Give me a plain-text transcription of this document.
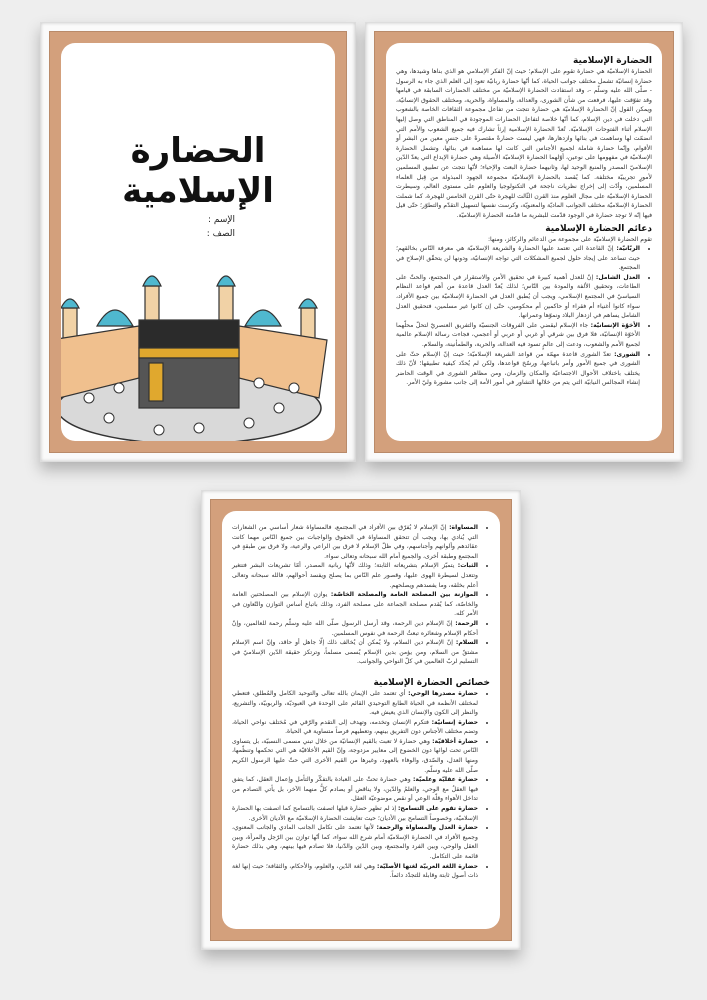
الحضارة الإسلامية
الإسم :
الصف :
الحضارة الإسلامية

الحضارة الإسلاميّة هي حضارة تقوم على الإسلام؛ حيث إنّ الفكر الإسلامي هو الذي بناها وشيدها، وهي حضارة إنسانيّة تشمل مختلف جوانب الحياة، كما أنّها حضارة ربانيّة تعود إلى العلم الذي جاء به الرسول - صلّى الله عليه وسلّم -، وقد استفادت الحضارة الإسلاميّة من مختلف الحضارات السابقة في قيامها وقد تفوّقت عليها، فرفعت من شأن الشورى، والعدالة، والمساواة، والحرية، ومختلف الحقوق الإنسانيّة، ويمكن القول إنّ الحضارة الإسلاميّة هي حضارة نتجت من تفاعل مجموعة الثقافات الخاصة بالشعوب التي دخلت في دين الإسلام، كما أنّها خلاصة لتفاعل الحضارات الموجودة في المناطق التي وصل إليها الإسلام أثناء الفتوحات الإسلاميّة. تُعدّ الحضارة الإسلامية إرثاً تشارك فيه جميع الشعوب والأمم التي انضمّت لها وساهمت في بنائها وازدهارها، فهي ليست حضارةً مقتصرةً على جنسٍ معين من البشر أو الأقوام، وإنّما حضارة شاملة لجميع الأجناس التي كانت لها مساهمة في بنائها، وتشمل الحضارة الإسلاميّة في مفهومها على نوعين، أوّلهما الحضارة الإسلاميّة الأصيلة وهي حضارة الإبداع التي يعدّ الدّين الإسلاميّ المصدر والمنبع الوحيد لها، وثانيهما حضارة البعث والإحياء؛ لأنّها نتجت عن تطبيق المسلمين لأمورٍ تجريبيّة مختلفة. كما يُقصد بالحضارة الإسلاميّة مجموعة الجهود المبذولة من قِبل العلماء المسلمين، وأدّت إلى إخراج نظريات ناجحة في التكنولوجيا والعلوم على مستوى العالم، وسيطرت الحضارة الإسلاميّة على مجال العلوم منذ القرن الثّالث للهجرة حتّى القرن الخامس للهجرة، كما شملت الحضارة الإسلاميّة مختلف الجوانب الماديّة والمعنويّة، وكرست نفسها لتسهيل التقدّم والتطوّر؛ حتّى قيل فيها إنّه لا توجد حضارة في الوجود قدّمت للبشرية ما قدّمته الحضارة الإسلاميّة.

دعائم الحضارة الإسلامية

تقوم الحضارة الإسلاميّة على مجموعة من الدعائم والركائز، ومنها:

• الربّانيّة: إنّ القاعدة التي تعتمد عليها الحضارة والشريعة الإسلاميّة هي معرفة النّاس بخالقهم؛ حيث تساعد على إيجاد حلول لجميع المشكلات التي تواجه الإنسانيّة، ودونها لن يتحقّق الإصلاح في المجتمع.
• العدل الشامل: إنّ للعدل أهمية كبيرة في تحقيق الأمن والاستقرار في المجتمع، والحثّ على الطاعات، وتحقيق الألفة والمودة بين النّاس؛ لذلك يُعدّ العدل قاعدة من أهم قواعد النظام السياسيّ في المجتمع الإسلامي، ويجب أن يُطبق العدل في الحضارة الإسلاميّة بين جميع الأفراد، سواء كانوا أغنياء أم فقراء أو حاكمين أم محكومين، حتّى إن كانوا غير مسلمين، فتحقيق العدل الشامل يساهم في ازدهار البلاد ونموّها وعمرانها.
• الأخوّة الإنسانيّة: جاء الإسلام ليقضي على الفروقات الجنسيّة والتفريق العنصريّ لتحلّ محلّهما الأخوّة الإنسانيّة، فلا فرق بين شرقي أو غربي أو عربي أو أعجمي، فجاءت رسالة الإسلام عالمية لجميع الأمم والشعوب، ودعت إلى عالمٍ تسود فيه العدالة، والحرية، والطمأنينة، والسلام.
• الشورى: تعدّ الشورى قاعدة مهمّة من قواعد الشريعة الإسلاميّة؛ حيث إنّ الإسلام حثّ على الشورى في جميع الأمور وأمر باتباعها، ورسّخ قواعدها، ولكن لم يُحدّد كيفية تطبيقها؛ لأنّ ذلك يختلف باختلاف الأحوال الاجتماعيّة والمكان والزمان، ومن مظاهر الشورى في الوقت الحاضر إنشاء المجالس النيابيّة التي يتم من خلالها التشاور في أمور الأمة إلى جانب مشورة وليّ الأمر.
• المساواة: إنّ الإسلام لا يُفرّق بين الأفراد في المجتمع، فالمساواة شعار أساسي من الشعارات التي يُنادي بها، ويجب أن تتحقق المساواة في الحقوق والواجبات بين جميع النّاس مهما كانت عقائدهم وألوانهم وأجناسهم، وفي ظلّ الإسلام لا فرق بين الراعي والرعية، ولا فرق بين طبقةٍ في المجتمع وطبقة أخرى، والجميع أمام الله سبحانه وتعالى سواء.
• الثبات: يتميّز الإسلام بتشريعاته الثابتة؛ وذلك لأنّها ربانية المصدر، أمّا تشريعات البشر فتتغير وتتعدل لسيطرة الهوى عليها، وقصور علم النّاس بما يصلح ويفسد أحوالهم، فالله سبحانه وتعالى أعلم بخلقه، وما يفسدهم ويصلحهم.
• الموازنة بين المصلحة العامة والمصلحة الخاصّة: يوازن الإسلام بين المصلحتين العامة والخاصّة، كما يُقدم مصلحة الجماعة على مصلحة الفرد، وذلك باتباع أساس التوازن والتّعاون في الأمر كله.
• الرحمة: إنّ الإسلام دين الرحمة، وقد أرسل الرسول صلّى الله عليه وسلّم رحمة للعالمين، وإنّ أحكام الإسلام وشعائره تبعثُ الرحمة في نفوس المسلمين.
• السلام: إنّ الإسلام دين السلام، ولا يُمكن أن يُخالف ذلك إلّا جاهل أو حاقد، وإنّ اسم الإسلام مشتقّ من السلام، ومن يؤمن بدين الإسلام يُسمى مسلماً، وترتكز حقيقة الدّين الإسلاميّ في التسليم لربّ العالمين في كلّ النواحي والجوانب.
خصائص الحضارة الإسلامية
• حضارة مصدرها الوحي: أي تعتمد على الإيمان بالله تعالى والتوحيد الكامل والمُطلق، فتعطي لمختلف الأنظمة في الحياة الطابع التوحيدي القائم على الوحدة في العبوديّة، والربوبيّة، والتشريع، والنظر إلى الكون والإنسان الذي يعيش فيه.
• حضارة إنسانيّة: فتكرم الإنسان وتخدمه، وتهدف إلى التقدم والرّقي في مُختلف نواحي الحياة، وتضم مختلف الأجناس دون التفريق بينهم، وتعطيهم فرصاً متساوية في الحياة.
• حضارة أخلاقيّة: وهي حضارة لا تعبث بالقيم الإنسانيّة من خلال تبني مسمى النسبيّة، بل يتساوى النّاس تحت لوائها دون الخضوع إلى معايير مزدوجة، وإنّ القيم الأخلاقيّة هي التي تحكمها وتنظّمها، ومنها العدل، والصّدق، والوفاء بالعهود، وغيرها من القيم الأخرى التي حثّ عليها الرسول الكريم صلّى الله عليه وسلّم.
• حضارة عقليّة وعلميّة: وهي حضارة تحثّ على العبادة بالتفكّر والتأمل وإعمال العقل، كما يتفق فيها العقلُ مع الوحي، والعلمُ والدّين، ولا يناقض أو يصادم كلُّ منهما الآخر، بل يأتي التصادم من تداخل الأهواء وقلّة الوعي أو نقص موضوعيّة العقل.
• حضارة تقوم على التسامح: إذ لم تظهر حضارة قبلها اتصفت بالتسامح كما اتصفت بها الحضارة الإسلاميّة، وخصوصاً التسامح بين الأديان؛ حيث تعايشت الحضارة الإسلاميّة مع الأديان الأخرى.
• حضارة العدل والمساواة والرحمة: لأنها تعتمد على تكامل الجانب المادي والجانب المعنوي، وجميع الأفراد في الحضارة الإسلاميّة أمام شرع الله سواء، كما أنّها توازن بين الرّجل والمرأة، وبين العقل والوحي، وبين الفرد والمجتمع، وبين الدّين والدّنيا، فلا تصادم فيها بينهم، وهي بذلك حضارة قائمة على التكامل.
• حضارة اللغة العربيّة لغتها الأصليّة: وهي لغة الدّين، والعلوم، والأحكام، والثقافة؛ حيث إنها لغة ذات أصول ثابتة وقابلة للتجدّد دائماً.
